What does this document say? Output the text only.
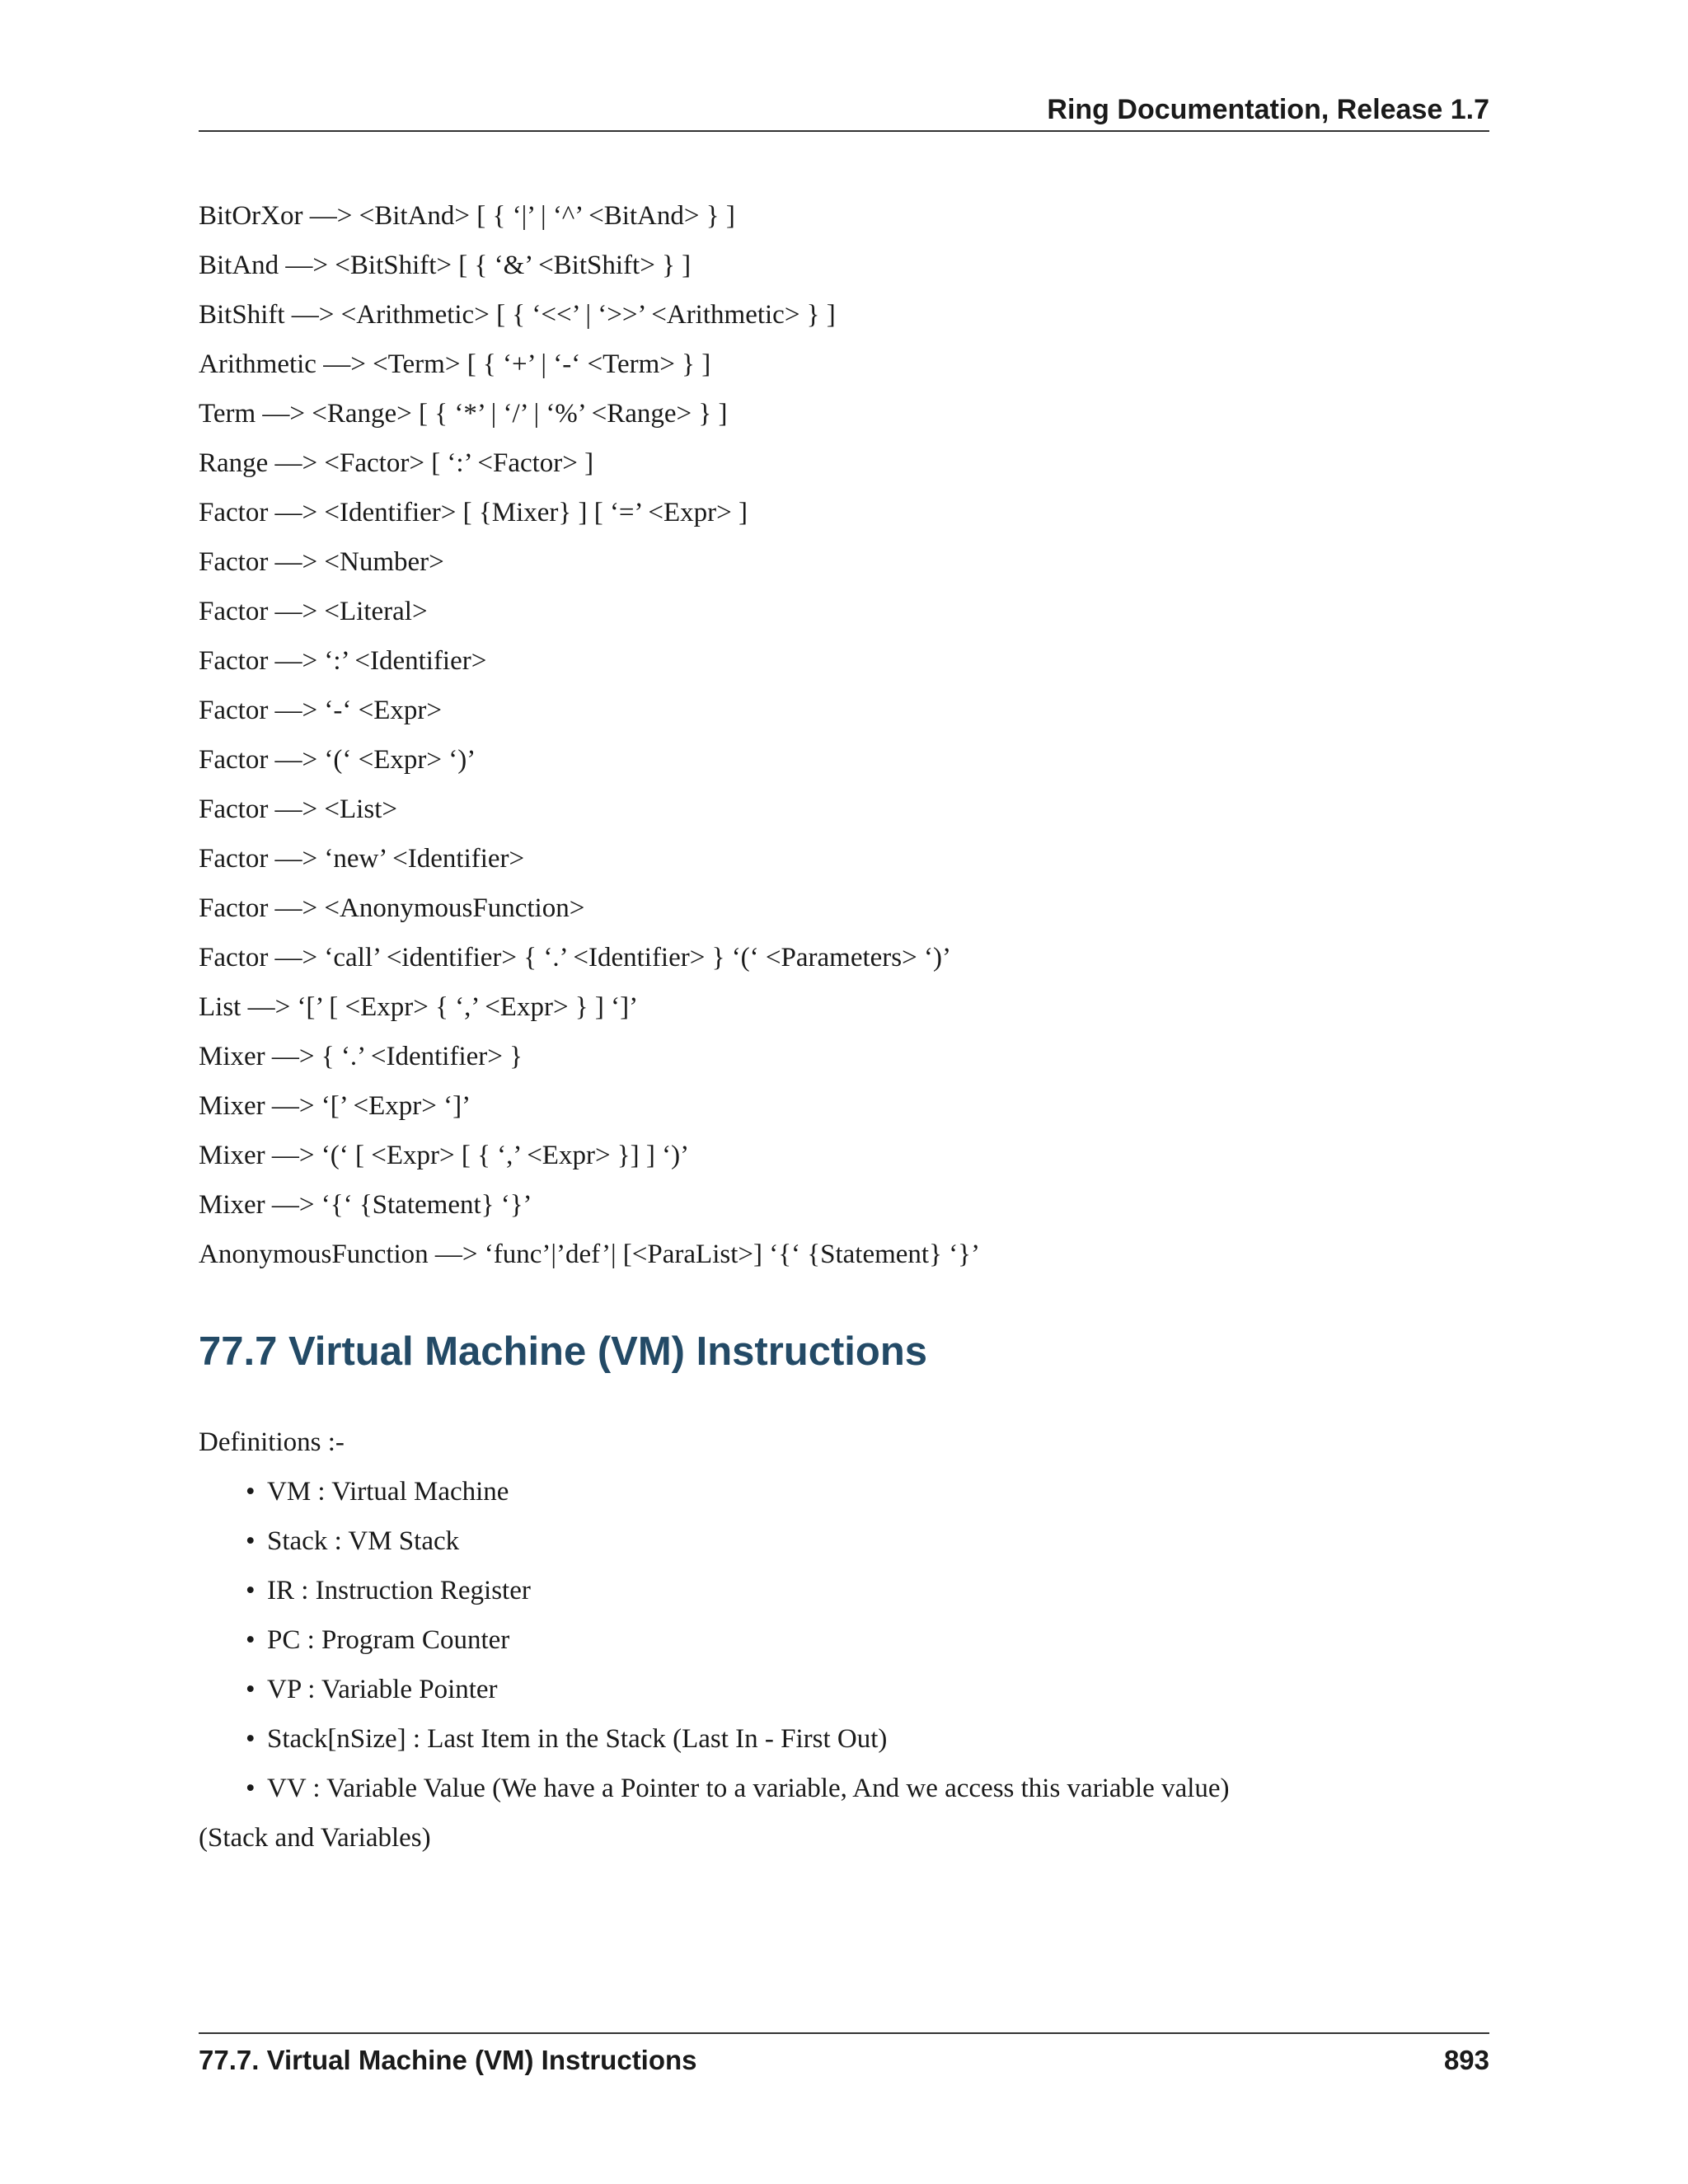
Ring Documentation, Release 1.7
BitOrXor —> <BitAnd> [ { ‘|’ | ‘^’ <BitAnd> } ]
BitAnd —> <BitShift> [ { ‘&’ <BitShift> } ]
BitShift —> <Arithmetic> [ { ‘<<’ | ‘>>’ <Arithmetic> } ]
Arithmetic —> <Term> [ { ‘+’ | ‘-‘ <Term> } ]
Term —> <Range> [ { ‘*’ | ‘/’ | ‘%’ <Range> } ]
Range —> <Factor> [ ‘:’ <Factor> ]
Factor —> <Identifier> [ {Mixer} ] [ ‘=’ <Expr> ]
Factor —> <Number>
Factor —> <Literal>
Factor —> ‘:’ <Identifier>
Factor —> ‘-‘ <Expr>
Factor —> ‘(‘ <Expr> ‘)’
Factor —> <List>
Factor —> ‘new’ <Identifier>
Factor —> <AnonymousFunction>
Factor —> ‘call’ <identifier> { ‘.’ <Identifier> } ‘(‘ <Parameters> ‘)’
List —> ‘[’ [ <Expr> { ‘,’ <Expr> } ] ‘]’
Mixer —> { ‘.’ <Identifier> }
Mixer —> ‘[’ <Expr> ‘]’
Mixer —> ‘(‘ [ <Expr> [ { ‘,’ <Expr> }] ] ‘)’
Mixer —> ‘{‘ {Statement} ‘}’
AnonymousFunction —> ‘func’|’def’| [<ParaList>] ‘{‘ {Statement} ‘}’
77.7 Virtual Machine (VM) Instructions
Definitions :-
• VM : Virtual Machine
• Stack : VM Stack
• IR : Instruction Register
• PC : Program Counter
• VP : Variable Pointer
• Stack[nSize] : Last Item in the Stack (Last In - First Out)
• VV : Variable Value (We have a Pointer to a variable, And we access this variable value)
(Stack and Variables)
77.7. Virtual Machine (VM) Instructions	893
